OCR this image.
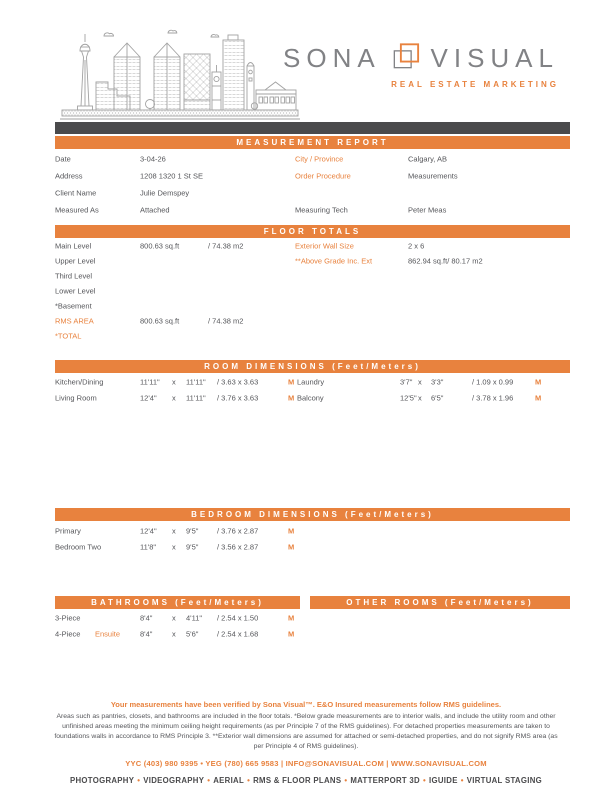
SONA VISUAL
REAL ESTATE MARKETING
MEASUREMENT REPORT
FLOOR TOTALS
ROOM DIMENSIONS (Feet/Meters)
BEDROOM DIMENSIONS (Feet/Meters)
BATHROOMS (Feet/Meters)	OTHER ROOMS (Feet/Meters)
Date	3-04-26	City / Province	Calgary, AB
Address	1208 1320 1 St SE	Order Procedure	Measurements
Client Name	Julie Demspey
Measured As	Attached	Measuring Tech	Peter Meas
Main Level	800.63 sq.ft	/ 74.38 m2	Exterior Wall Size	2 x 6
Upper Level	**Above Grade Inc. Ext	862.94 sq.ft/ 80.17 m2
Third Level
Lower Level
*Basement
RMS AREA	800.63 sq.ft	/ 74.38 m2
*TOTAL
Kitchen/Dining	11'11" x 11'11" / 3.63 x 3.63	M Laundry	3'7" x 3'3"	/ 1.09 x 0.99	M
Living Room	12'4" x 11'11" / 3.76 x 3.63	M Balcony	12'5" x 6'5"	/ 3.78 x 1.96	M
Primary	12'4" x 9'5" / 3.76 x 2.87	M
Bedroom Two	11'8" x 9'5" / 3.56 x 2.87	M
3-Piece	8'4"	x 4'11" / 2.54 x 1.50	M
4-Piece Ensuite	8'4"	x 5'6" / 2.54 x 1.68	M
Your measurements have been verified by Sona Visual™. E&O Insured measurements follow RMS guidelines.
Areas such as pantries, closets, and bathrooms are included in the floor totals. *Below grade measurements are to interior walls, and include the utility room and other unfinished areas meeting the minimum ceiling height requirements (as per Principle 7 of the RMS guidelines). For detached properties measurements are taken to foundations walls in accordance to RMS Principle 3. **Exterior wall dimensions are assumed for attached or semi-detached properties, and do not signify RMS area (as per Principle 4 of RMS guidelines).
YYC (403) 980 9395 • YEG (780) 665 9583 | INFO@SONAVISUAL.COM | WWW.SONAVISUAL.COM
PHOTOGRAPHY • VIDEOGRAPHY • AERIAL • RMS & FLOOR PLANS • MATTERPORT 3D • IGUIDE • VIRTUAL STAGING
